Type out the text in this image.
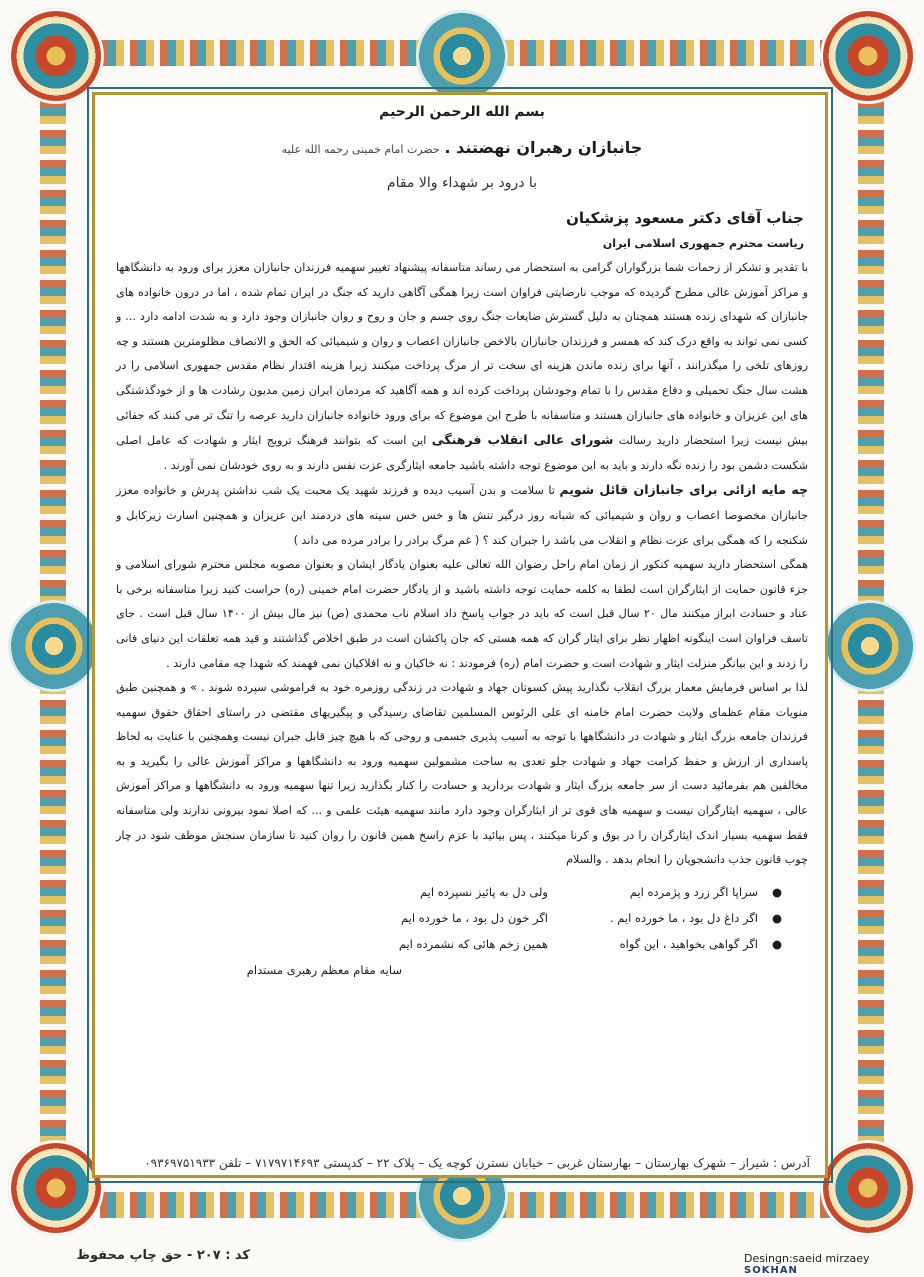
بسم الله الرحمن الرحیم
جانبازان رهبران نهضتند . حضرت امام خمینی رحمه الله علیه
با درود بر شهداء والا مقام
جناب آقای دکتر مسعود پزشکیان
ریاست محترم جمهوری اسلامی ایران

با تقدیر و تشکر از زحمات شما بزرگواران گرامی به استحضار می رساند متاسفانه پیشنهاد تغییر سهمیه فرزندان جانبازان معزز برای ورود به دانشگاهها و مراکز آموزش عالی مطرح گردیده که موجب نارضایتی فراوان است زیرا همگی آگاهی دارید که جنگ در ایران تمام شده ، اما در درون خانواده های جانبازان که شهدای زنده هستند همچنان به دلیل گسترش ضایعات جنگ روی جسم و جان و روح و روان جانبازان وجود دارد و به شدت ادامه دارد ... و کسی نمی تواند به واقع درک کند که همسر و فرزندان جانبازان بالاخص جانبازان اعصاب و روان و شیمیائی که الحق و الانصاف مظلومترین هستند و چه روزهای تلخی را میگذرانند ، آنها برای زنده ماندن هزینه ای سخت تر از مرگ پرداخت میکنند زیرا هزینه اقتدار نظام مقدس جمهوری اسلامی را در هشت سال جنگ تحمیلی و دفاع مقدس را با تمام وجودشان پرداخت کرده اند و همه آگاهید که مردمان ایران زمین مدیون رشادت ها و از خودگذشتگی های این عزیزان و خانواده های جانبازان هستند و متاسفانه با طرح این موضوع که برای ورود خانواده جانبازان دارید عرصه را تنگ تر می کنند که جفائی بیش نیست زیرا استحضار دارید رسالت شورای عالی انقلاب فرهنگی این است که بتوانند فرهنگ ترویج ایثار و شهادت که عامل اصلی شکست دشمن بود را زنده نگه دارند و باید به این موضوع توجه داشته باشید جامعه ایثارگری عزت نفس دارند و به روی خودشان نمی آورند .

چه مایه ازائی برای جانبازان قائل شویم تا سلامت و بدن آسیب دیده و فرزند شهید یک محبت یک شب نداشتن پدرش و خانواده معزز جانبازان مخصوصا اعصاب و روان و شیمیائی که شبانه روز درگیر تنش ها و خس خس سینه های دردمند این عزیزان و همچنین اسارت زیرکابل و شکنجه را که همگی برای عزت نظام و انقلاب می باشد را جبران کند ؟ ( غم مرگ برادر را برادر مرده می داند )

همگی استحضار دارید سهمیه کنکور از زمان امام راحل رضوان الله تعالی علیه بعنوان یادگار ایشان و بعنوان مصوبه مجلس محترم شورای اسلامی و جزء قانون حمایت از ایثارگران است لطفا به کلمه حمایت توجه داشته باشید و از یادگار حضرت امام خمینی (ره) حراست کنید زیرا متاسفانه برخی با عناد و حسادت ابراز میکنند مال ۲۰ سال قبل است که باید در جواب پاسخ داد اسلام ناب محمدی (ص) نیز مال بیش از ۱۴۰۰ سال قبل است . جای تاسف فراوان است اینگونه اظهار نظر برای ایثار گران که همه هستی که جان پاکشان است در طبق اخلاص گذاشتند و قید همه تعلقات این دنیای فانی را زدند و این بیانگر منزلت ایثار و شهادت است و حضرت امام (ره) فرمودند : نه خاکیان و نه افلاکیان نمی فهمند که شهدا چه مقامی دارند .

لذا بر اساس فرمایش معمار بزرگ انقلاب نگذارید پیش کسوتان جهاد و شهادت در زندگی روزمره خود به فراموشی سپرده شوند . » و همچنین طبق منویات مقام عظمای ولایت حضرت امام خامنه ای علی الرئوس المسلمین تقاضای رسیدگی و پیگیریهای مقتضی در راستای احقاق حقوق سهمیه فرزندان جامعه بزرگ ایثار و شهادت در دانشگاهها با توجه به آسیب پذیری جسمی و روحی که با هیچ چیز قابل جبران نیست وهمچنین با عنایت به لحاظ پاسداری از ارزش و حفظ کرامت جهاد و شهادت جلو تعدی به ساحت مشمولین سهمیه ورود به دانشگاهها و مراکز آموزش عالی را بگیرید و به مخالفین هم بفرمائید دست از سر جامعه بزرگ ایثار و شهادت بردارید و حسادت را کنار بگذارید زیرا تنها سهمیه ورود به دانشگاهها و مراکز آموزش عالی ، سهمیه ایثارگران نیست و سهمیه های قوی تر از ایثارگران وجود دارد مانند سهمیه هیئت علمی و ... که اصلا نمود بیرونی ندارند ولی متاسفانه فقط سهمیه بسیار اندک ایثارگران را در بوق و کرنا میکنند ، پس بیائید با عزم راسخ همین قانون را روان کنید تا سازمان سنجش موظف شود در چار چوب قانون جذب دانشجویان را انجام بدهد . والسلام

●
سراپا اگر زرد و پژمرده ایم
ولی دل به پائیز نسپرده ایم
●
اگر داغ دل بود ، ما خورده ایم .
اگر خون دل بود ، ما خورده ایم
●
اگر گواهی بخواهید ، این گواه
همین زخم هائی که نشمرده ایم
سایه مقام معظم رهبری مستدام
آدرس : شیراز – شهرک بهارستان – بهارستان غربی – خیابان نسترن کوچه یک – پلاک ۲۲ – کدپستی ۷۱۷۹۷۱۴۶۹۳ – تلفن ۰۹۳۶۹۷۵۱۹۳۳
کد : ۲۰۷ - حق چاپ محفوظ	Desingn:saeid mirzaey
SOKHAN
